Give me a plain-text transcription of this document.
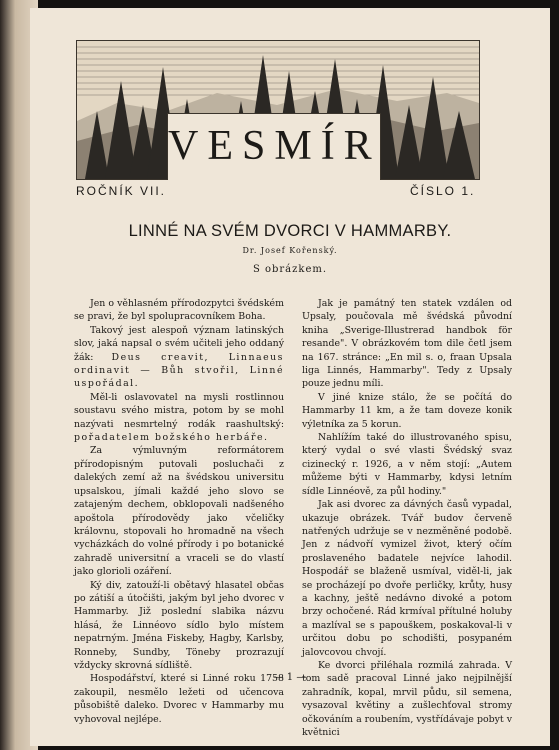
VESMÍR
ROČNÍK VII.	ČÍSLO 1.
LINNÉ NA SVÉM DVORCI V HAMMARBY.
Dr. Josef Kořenský.
S obrázkem.

Jen o věhlasném přírodozpytci švédském se pravi, že byl spolupracovníkem Boha.

Takový jest alespoň význam latinských slov, jaká napsal o svém učiteli jeho oddaný žák: Deus creavit, Linnaeus ordinavit — Bůh stvořil, Linné uspořádal.

Měl-li oslavovatel na mysli rostlinnou soustavu svého mistra, potom by se mohl nazývati nesmrtelný rodák raashultský: pořadatelem božského herbáře.

Za výmluvným reformátorem přírodopisným putovali posluchači z dalekých zemí až na švédskou universitu upsalskou, jímali každé jeho slovo se zatajeným dechem, obklopovali nadšeného apoštola přírodovědy jako včeličky královnu, stopovali ho hromadně na všech vycházkách do volné přírody i po botanické zahradě universitní a vraceli se do vlastí jako glorioli ozáření.

Ký div, zatouží-li obětavý hlasatel občas po zátiší a útočišti, jakým byl jeho dvorec v Hammarby. Již poslední slabika názvu hlásá, že Linnéovo sídlo bylo místem nepatrným. Jména Fiskeby, Hagby, Karlsby, Ronneby, Sundby, Töneby prozrazují vždycky skrovná sídliště.

Hospodářství, které si Linné roku 1758 zakoupil, nesmělo ležeti od učencova působiště daleko. Dvorec v Hammarby mu vyhovoval nejlépe.

Jak je památný ten statek vzdálen od Upsaly, poučovala mě švédská původní kniha „Sverige-Illustrerad handbok för resande". V obrázkovém tom dile četl jsem na 167. stránce: „En mil s. o, fraan Upsala liga Linnés, Hammarby". Tedy z Upsaly pouze jednu míli.

V jiné knize stálo, že se počítá do Hammarby 11 km, a že tam doveze konik výletníka za 5 korun.

Nahlížím také do illustrovaného spisu, který vydal o své vlasti Švédský svaz cizinecký r. 1926, a v něm stojí: „Autem můžeme býti v Hammarby, kdysi letním sídle Linnéově, za půl hodiny."

Jak asi dvorec za dávných časů vypadal, ukazuje obrázek. Tvář budov červeně natřených udržuje se v nezměněné podobě. Jen z nádvoří vymizel život, který očím proslaveného badatele nejvíce lahodil. Hospodář se blaženě usmíval, viděl-li, jak se procházejí po dvoře perličky, krůty, husy a kachny, ještě nedávno divoké a potom brzy ochočené. Rád krmíval přítulné holuby a mazlíval se s papouškem, poskakoval-li v určitou dobu po schodišti, posypaném jalovcovou chvojí.

Ke dvorci přiléhala rozmilá zahrada. V tom sadě pracoval Linné jako nejpilnější zahradník, kopal, mrvil půdu, sil semena, vysazoval květiny a zušlechťoval stromy očkováním a roubením, vystřídávaje pobyt v květnici

— 1 —
